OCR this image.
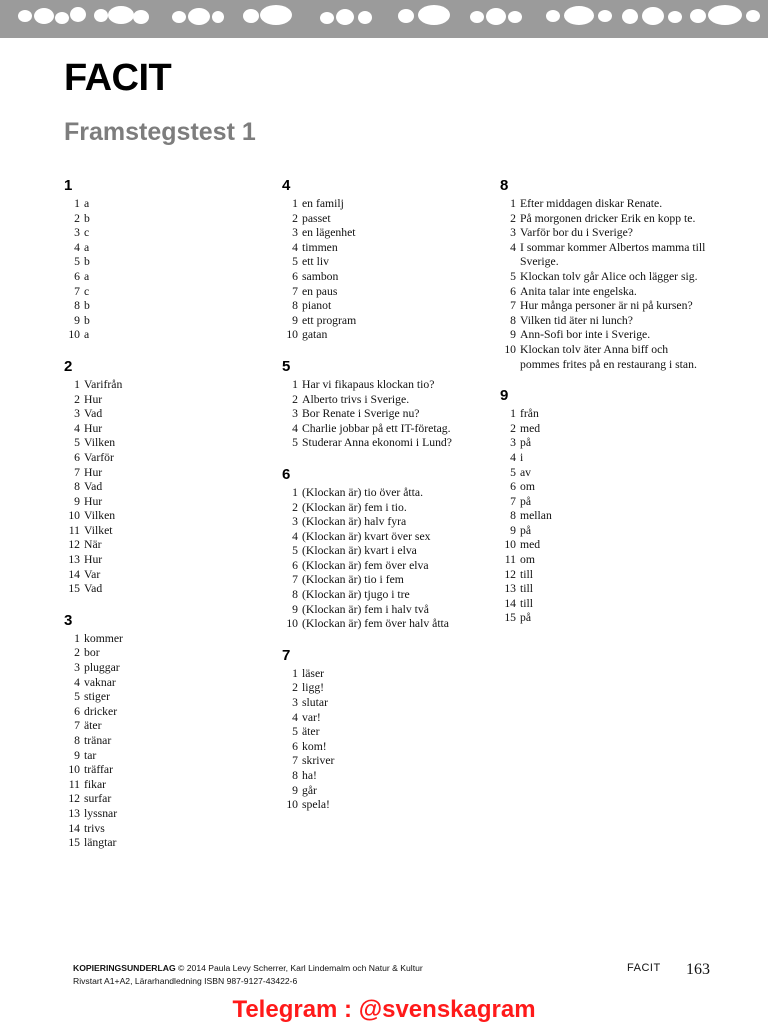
FACIT
Framstegstest 1
1
1 a
2 b
3 c
4 a
5 b
6 a
7 c
8 b
9 b
10 a
2
1 Varifrån
2 Hur
3 Vad
4 Hur
5 Vilken
6 Varför
7 Hur
8 Vad
9 Hur
10 Vilken
11 Vilket
12 När
13 Hur
14 Var
15 Vad
3
1 kommer
2 bor
3 pluggar
4 vaknar
5 stiger
6 dricker
7 äter
8 tränar
9 tar
10 träffar
11 fikar
12 surfar
13 lyssnar
14 trivs
15 längtar
4
1 en familj
2 passet
3 en lägenhet
4 timmen
5 ett liv
6 sambon
7 en paus
8 pianot
9 ett program
10 gatan
5
1 Har vi fikapaus klockan tio?
2 Alberto trivs i Sverige.
3 Bor Renate i Sverige nu?
4 Charlie jobbar på ett IT-företag.
5 Studerar Anna ekonomi i Lund?
6
1 (Klockan är) tio över åtta.
2 (Klockan är) fem i tio.
3 (Klockan är) halv fyra
4 (Klockan är) kvart över sex
5 (Klockan är) kvart i elva
6 (Klockan är) fem över elva
7 (Klockan är) tio i fem
8 (Klockan är) tjugo i tre
9 (Klockan är) fem i halv två
10 (Klockan är) fem över halv åtta
7
1 läser
2 ligg!
3 slutar
4 var!
5 äter
6 kom!
7 skriver
8 ha!
9 går
10 spela!
8
1 Efter middagen diskar Renate.
2 På morgonen dricker Erik en kopp te.
3 Varför bor du i Sverige?
4 I sommar kommer Albertos mamma till Sverige.
5 Klockan tolv går Alice och lägger sig.
6 Anita talar inte engelska.
7 Hur många personer är ni på kursen?
8 Vilken tid äter ni lunch?
9 Ann-Sofi bor inte i Sverige.
10 Klockan tolv äter Anna biff och pommes frites på en restaurang i stan.
9
1 från
2 med
3 på
4 i
5 av
6 om
7 på
8 mellan
9 på
10 med
11 om
12 till
13 till
14 till
15 på
KOPIERINGSUNDERLAG © 2014 Paula Levy Scherrer, Karl Lindemalm och Natur & Kultur
Rivstart A1+A2, Lärarhandledning ISBN 987-9127-43422-6
FACIT 163
Telegram : @svenskagram
